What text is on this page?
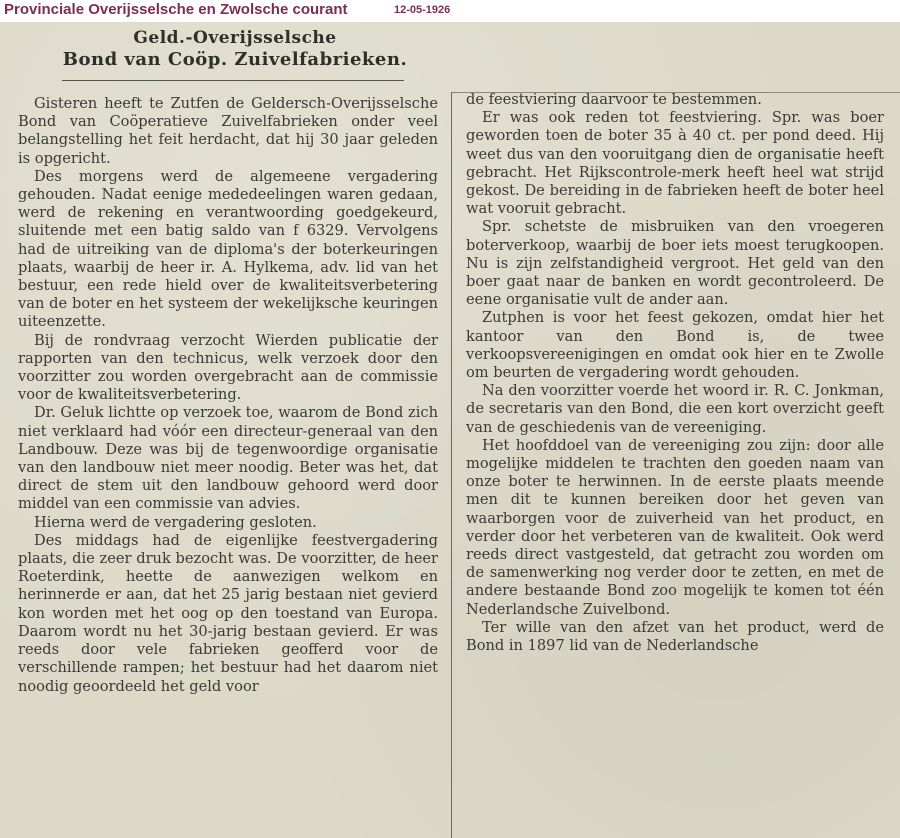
Provinciale Overijsselsche en Zwolsche courant	12-05-1926
Geld.-Overijsselsche
Bond van Coöp. Zuivelfabrieken.

Gisteren heeft te Zutfen de Geldersch-Overijsselsche Bond van Coöperatieve Zuivelfabrieken onder veel belangstelling het feit herdacht, dat hij 30 jaar geleden is opgericht.

Des morgens werd de algemeene vergadering gehouden. Nadat eenige mededeelingen waren gedaan, werd de rekening en verantwoording goedgekeurd, sluitende met een batig saldo van f 6329. Vervolgens had de uitreiking van de diploma's der boterkeuringen plaats, waarbij de heer ir. A. Hylkema, adv. lid van het bestuur, een rede hield over de kwaliteitsverbetering van de boter en het systeem der wekelijksche keuringen uiteenzette.

Bij de rondvraag verzocht Wierden publicatie der rapporten van den technicus, welk verzoek door den voorzitter zou worden overgebracht aan de commissie voor de kwaliteitsverbetering.

Dr. Geluk lichtte op verzoek toe, waarom de Bond zich niet verklaard had vóór een directeur-generaal van den Landbouw. Deze was bij de tegenwoordige organisatie van den landbouw niet meer noodig. Beter was het, dat direct de stem uit den landbouw gehoord werd door middel van een commissie van advies.

Hierna werd de vergadering gesloten.

Des middags had de eigenlijke feestvergadering plaats, die zeer druk bezocht was. De voorzitter, de heer Roeterdink, heette de aanwezigen welkom en herinnerde er aan, dat het 25 jarig bestaan niet gevierd kon worden met het oog op den toestand van Europa. Daarom wordt nu het 30-jarig bestaan gevierd. Er was reeds door vele fabrieken geofferd voor de verschillende rampen; het bestuur had het daarom niet noodig geoordeeld het geld voor

de feestviering daarvoor te bestemmen.

Er was ook reden tot feestviering. Spr. was boer geworden toen de boter 35 à 40 ct. per pond deed. Hij weet dus van den vooruitgang dien de organisatie heeft gebracht. Het Rijkscontrole-merk heeft heel wat strijd gekost. De bereiding in de fabrieken heeft de boter heel wat vooruit gebracht.

Spr. schetste de misbruiken van den vroegeren boterverkoop, waarbij de boer iets moest terugkoopen. Nu is zijn zelfstandigheid vergroot. Het geld van den boer gaat naar de banken en wordt gecontroleerd. De eene organisatie vult de ander aan.

Zutphen is voor het feest gekozen, omdat hier het kantoor van den Bond is, de twee verkoopsvereenigingen en omdat ook hier en te Zwolle om beurten de vergadering wordt gehouden.

Na den voorzitter voerde het woord ir. R. C. Jonkman, de secretaris van den Bond, die een kort overzicht geeft van de geschiedenis van de vereeniging.

Het hoofddoel van de vereeniging zou zijn: door alle mogelijke middelen te trachten den goeden naam van onze boter te herwinnen. In de eerste plaats meende men dit te kunnen bereiken door het geven van waarborgen voor de zuiverheid van het product, en verder door het verbeteren van de kwaliteit. Ook werd reeds direct vastgesteld, dat getracht zou worden om de samenwerking nog verder door te zetten, en met de andere bestaande Bond zoo mogelijk te komen tot één Nederlandsche Zuivelbond.

Ter wille van den afzet van het product, werd de Bond in 1897 lid van de Nederlandsche
